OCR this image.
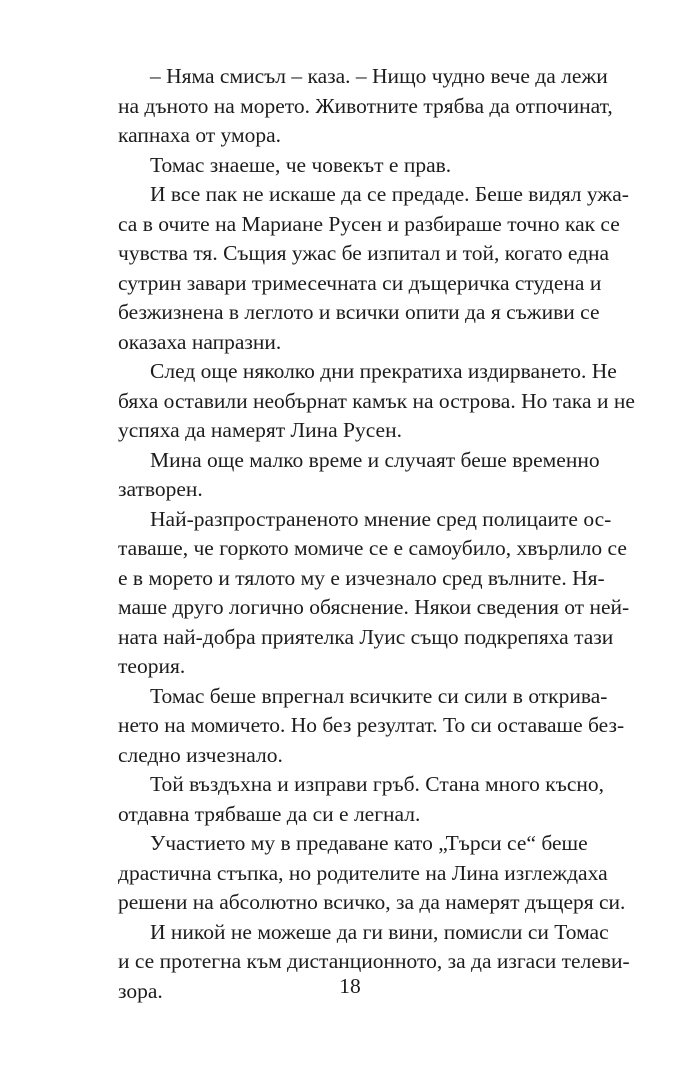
– Няма смисъл – каза. – Нищо чудно вече да лежи
на дъното на морето. Животните трябва да отпочинат,
капнаха от умора.
Томас знаеше, че човекът е прав.
И все пак не искаше да се предаде. Беше видял ужа-
са в очите на Мариане Русен и разбираше точно как се
чувства тя. Същия ужас бе изпитал и той, когато една
сутрин завари тримесечната си дъщеричка студена и
безжизнена в леглото и всички опити да я съживи се
оказаха напразни.
След още няколко дни прекратиха издирването. Не
бяха оставили необърнат камък на острова. Но така и не
успяха да намерят Лина Русен.
Мина още малко време и случаят беше временно
затворен.
Най-разпространеното мнение сред полицаите ос-
таваше, че горкото момиче се е самоубило, хвърлило се
е в морето и тялото му е изчезнало сред вълните. Ня-
маше друго логично обяснение. Някои сведения от ней-
ната най-добра приятелка Луис също подкрепяха тази
теория.
Томас беше впрегнал всичките си сили в открива-
нето на момичето. Но без резултат. То си оставаше без-
следно изчезнало.
Той въздъхна и изправи гръб. Стана много късно,
отдавна трябваше да си е легнал.
Участието му в предаване като „Търси се“ беше
драстична стъпка, но родителите на Лина изглеждаха
решени на абсолютно всичко, за да намерят дъщеря си.
И никой не можеше да ги вини, помисли си Томас
и се протегна към дистанционното, за да изгаси телеви-
зора.	18
